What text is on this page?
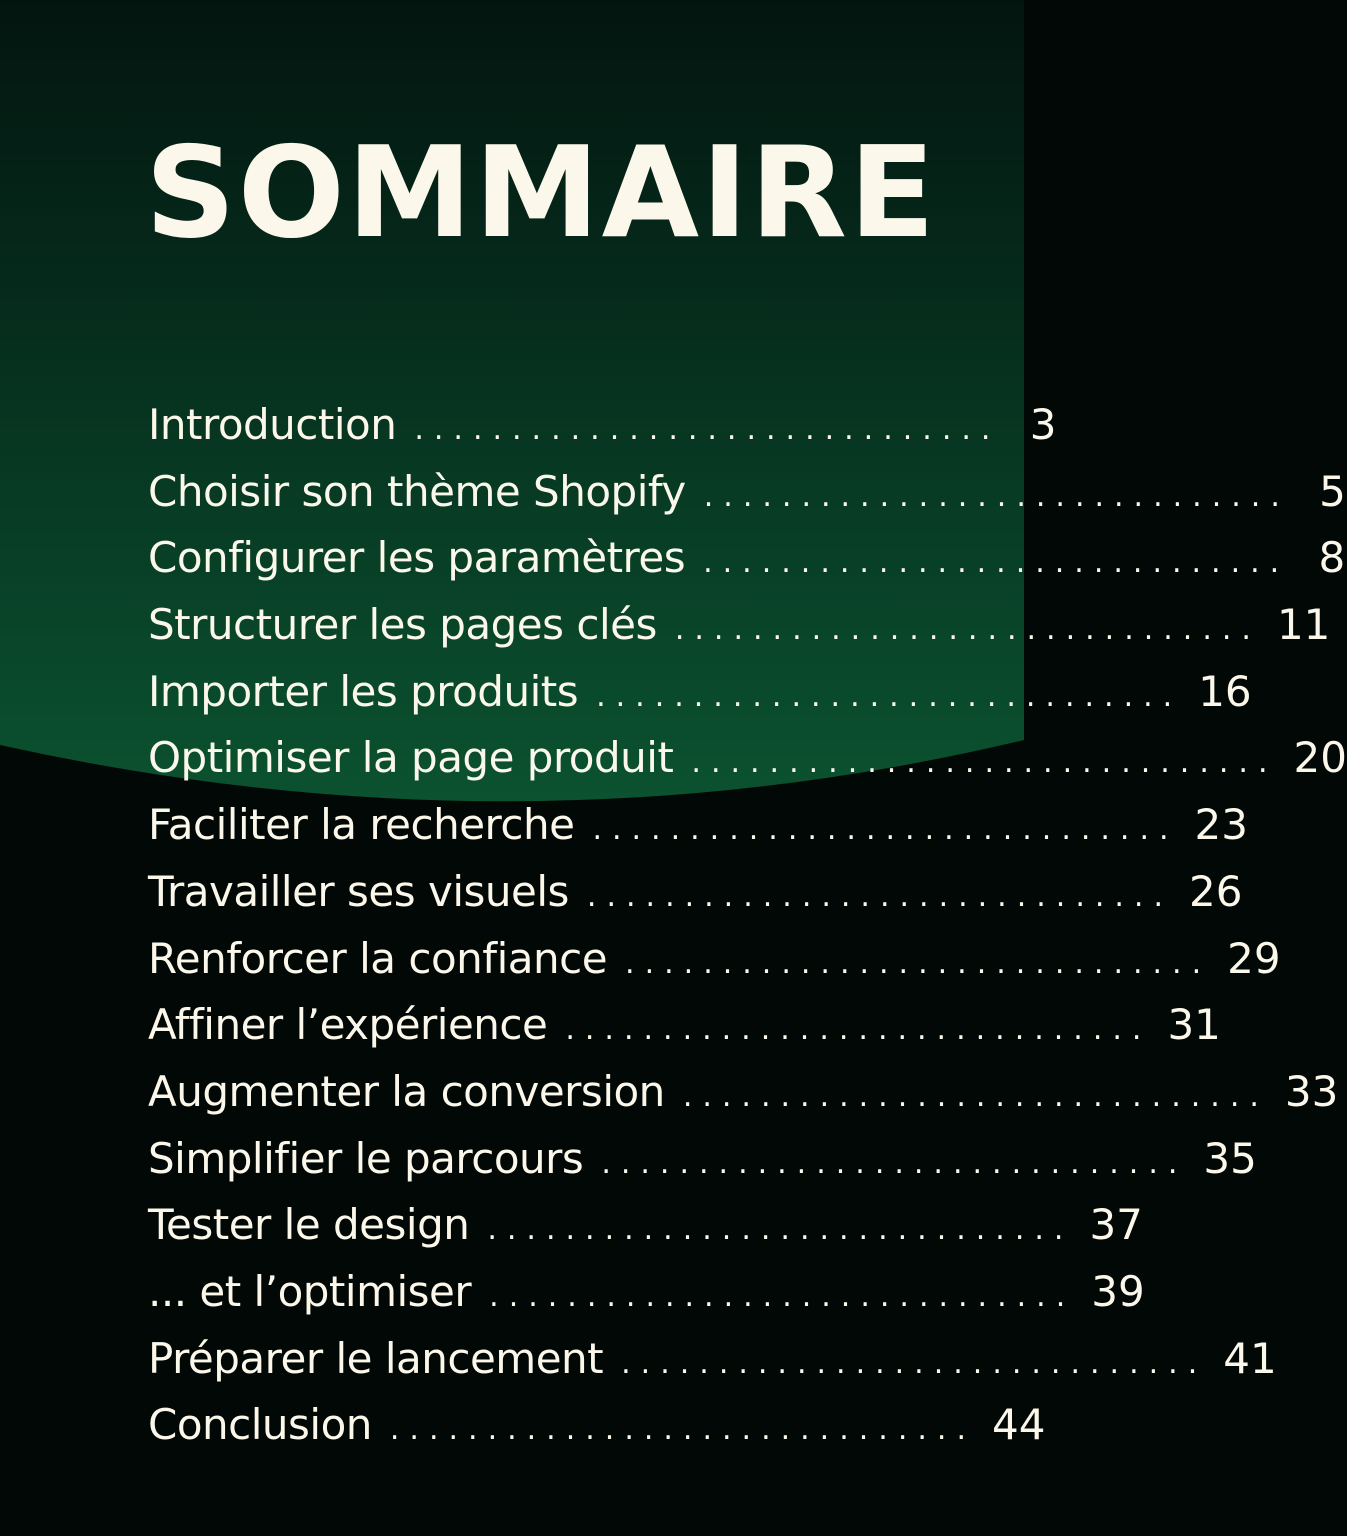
SOMMAIRE
Introduction .............................. 3
Choisir son thème Shopify .............................. 5
Configurer les paramètres .............................. 8
Structurer les pages clés .............................. 11
Importer les produits .............................. 16
Optimiser la page produit .............................. 20
Faciliter la recherche .............................. 23
Travailler ses visuels .............................. 26
Renforcer la confiance .............................. 29
Affiner l’expérience .............................. 31
Augmenter la conversion .............................. 33
Simplifier le parcours .............................. 35
Tester le design .............................. 37
... et l’optimiser .............................. 39
Préparer le lancement .............................. 41
Conclusion .............................. 44
